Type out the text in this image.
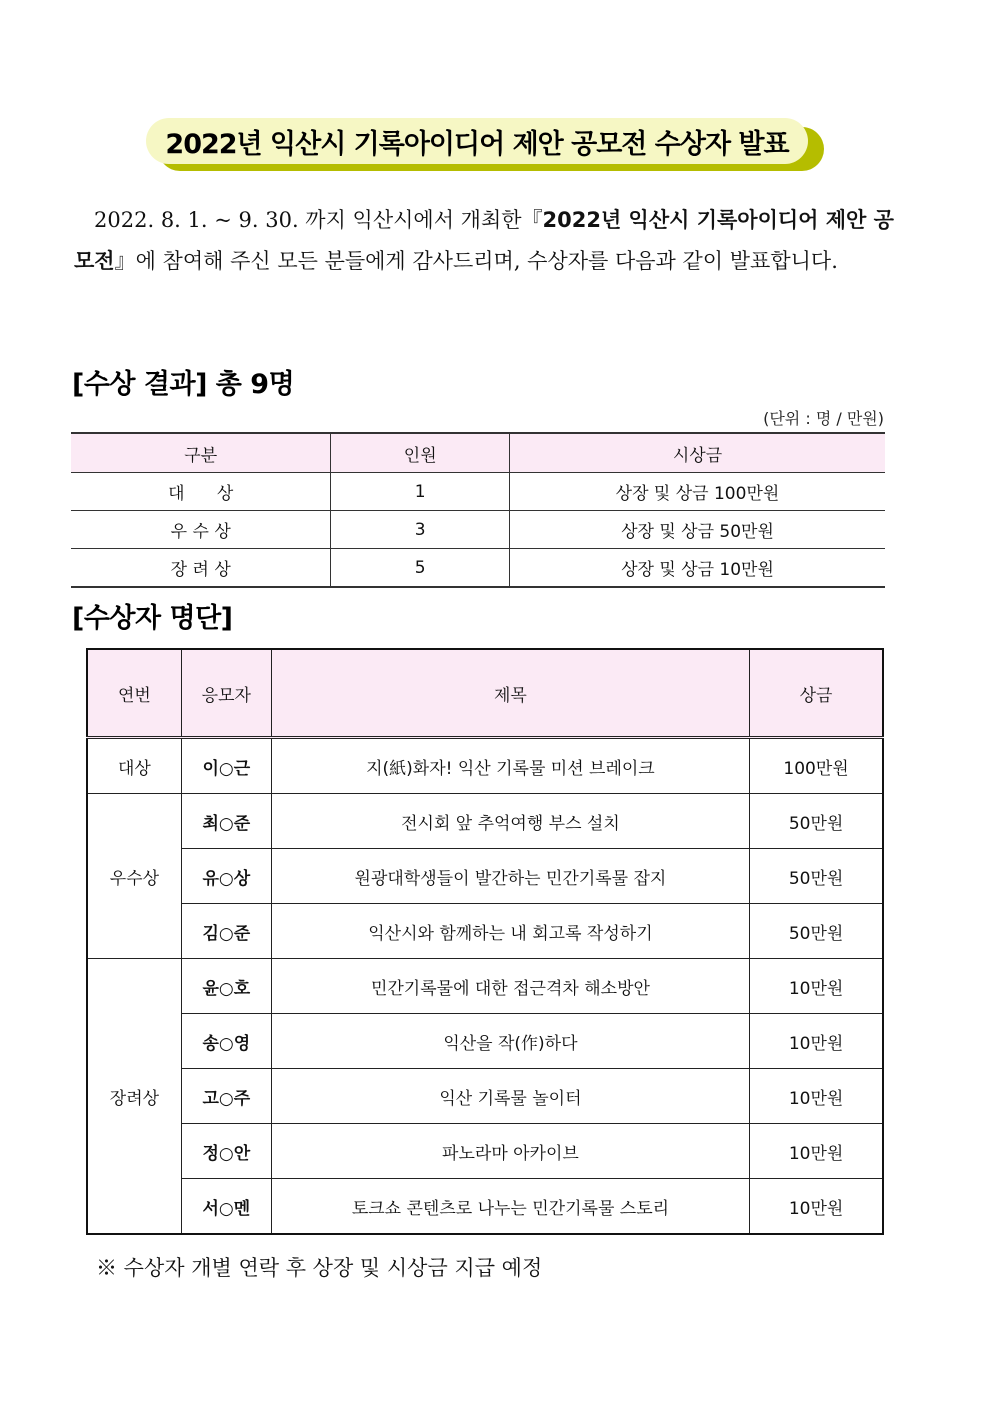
2022년 익산시 기록아이디어 제안 공모전 수상자 발표
2022. 8. 1. ~ 9. 30. 까지 익산시에서 개최한『2022년 익산시 기록아이디어 제안 공모전』에 참여해 주신 모든 분들에게 감사드리며, 수상자를 다음과 같이 발표합니다.
[수상 결과] 총 9명
(단위 : 명 / 만원)
구분	인원	시상금
대      상	1	상장 및 상금 100만원
우 수 상	3	상장 및 상금 50만원
장 려 상	5	상장 및 상금 10만원
[수상자 명단]
연번	응모자	제목	상금
대상	이○근	지(紙)화자! 익산 기록물 미션 브레이크	100만원
우수상	최○준	전시회 앞 추억여행 부스 설치	50만원
	유○상	원광대학생들이 발간하는 민간기록물 잡지	50만원
	김○준	익산시와 함께하는 내 회고록 작성하기	50만원
장려상	윤○호	민간기록물에 대한 접근격차 해소방안	10만원
	송○영	익산을 작(作)하다	10만원
	고○주	익산 기록물 놀이터	10만원
	정○안	파노라마 아카이브	10만원
	서○멘	토크쇼 콘텐츠로 나누는 민간기록물 스토리	10만원
※ 수상자 개별 연락 후 상장 및 시상금 지급 예정
